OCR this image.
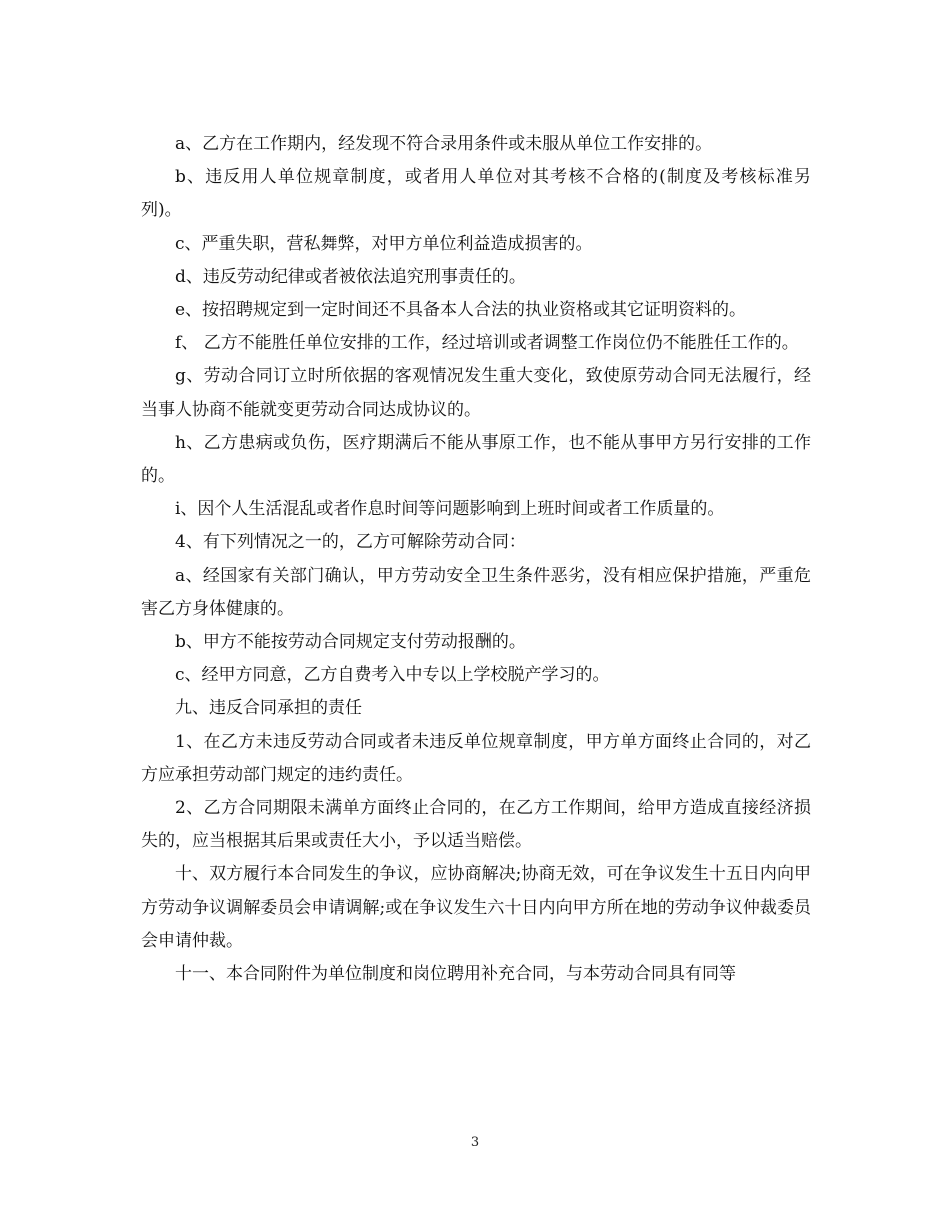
a、乙方在工作期内，经发现不符合录用条件或未服从单位工作安排的。

b、违反用人单位规章制度，或者用人单位对其考核不合格的(制度及考核标准另列)。

c、严重失职，营私舞弊，对甲方单位利益造成损害的。

d、违反劳动纪律或者被依法追究刑事责任的。

e、按招聘规定到一定时间还不具备本人合法的执业资格或其它证明资料的。

f、 乙方不能胜任单位安排的工作，经过培训或者调整工作岗位仍不能胜任工作的。

g、劳动合同订立时所依据的客观情况发生重大变化，致使原劳动合同无法履行，经当事人协商不能就变更劳动合同达成协议的。

h、乙方患病或负伤，医疗期满后不能从事原工作，也不能从事甲方另行安排的工作的。

i、因个人生活混乱或者作息时间等问题影响到上班时间或者工作质量的。

4、有下列情况之一的，乙方可解除劳动合同：

a、经国家有关部门确认，甲方劳动安全卫生条件恶劣，没有相应保护措施，严重危害乙方身体健康的。

b、甲方不能按劳动合同规定支付劳动报酬的。

c、经甲方同意，乙方自费考入中专以上学校脱产学习的。

九、违反合同承担的责任

1、在乙方未违反劳动合同或者未违反单位规章制度，甲方单方面终止合同的，对乙方应承担劳动部门规定的违约责任。

2、乙方合同期限未满单方面终止合同的，在乙方工作期间，给甲方造成直接经济损失的，应当根据其后果或责任大小，予以适当赔偿。

十、双方履行本合同发生的争议，应协商解决;协商无效，可在争议发生十五日内向甲方劳动争议调解委员会申请调解;或在争议发生六十日内向甲方所在地的劳动争议仲裁委员会申请仲裁。

十一、本合同附件为单位制度和岗位聘用补充合同，与本劳动合同具有同等

3
